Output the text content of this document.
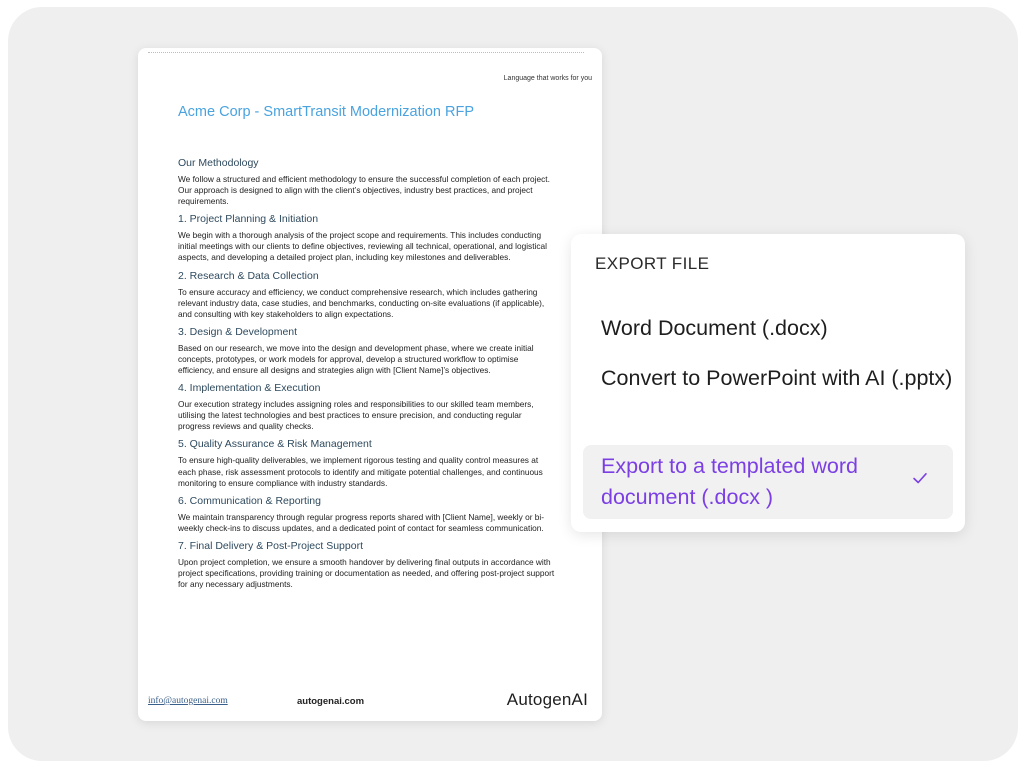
Language that works for you
Acme Corp - SmartTransit Modernization RFP
Our Methodology
We follow a structured and efficient methodology to ensure the successful completion of each project. Our approach is designed to align with the client’s objectives, industry best practices, and project requirements.
1. Project Planning & Initiation
We begin with a thorough analysis of the project scope and requirements. This includes conducting initial meetings with our clients to define objectives, reviewing all technical, operational, and logistical aspects, and developing a detailed project plan, including key milestones and deliverables.
2. Research & Data Collection
To ensure accuracy and efficiency, we conduct comprehensive research, which includes gathering relevant industry data, case studies, and benchmarks, conducting on-site evaluations (if applicable), and consulting with key stakeholders to align expectations.
3. Design & Development
Based on our research, we move into the design and development phase, where we create initial concepts, prototypes, or work models for approval, develop a structured workflow to optimise efficiency, and ensure all designs and strategies align with [Client Name]’s objectives.
4. Implementation & Execution
Our execution strategy includes assigning roles and responsibilities to our skilled team members, utilising the latest technologies and best practices to ensure precision, and conducting regular progress reviews and quality checks.
5. Quality Assurance & Risk Management
To ensure high-quality deliverables, we implement rigorous testing and quality control measures at each phase, risk assessment protocols to identify and mitigate potential challenges, and continuous monitoring to ensure compliance with industry standards.
6. Communication & Reporting
We maintain transparency through regular progress reports shared with [Client Name], weekly or bi-weekly check-ins to discuss updates, and a dedicated point of contact for seamless communication.
7. Final Delivery & Post-Project Support
Upon project completion, we ensure a smooth handover by delivering final outputs in accordance with project specifications, providing training or documentation as needed, and offering post-project support for any necessary adjustments.
info@autogenai.com	autogenai.com	AutogenAI
EXPORT FILE
Word Document (.docx)
Convert to PowerPoint with AI (.pptx)
Export to a templated word document (.docx )
